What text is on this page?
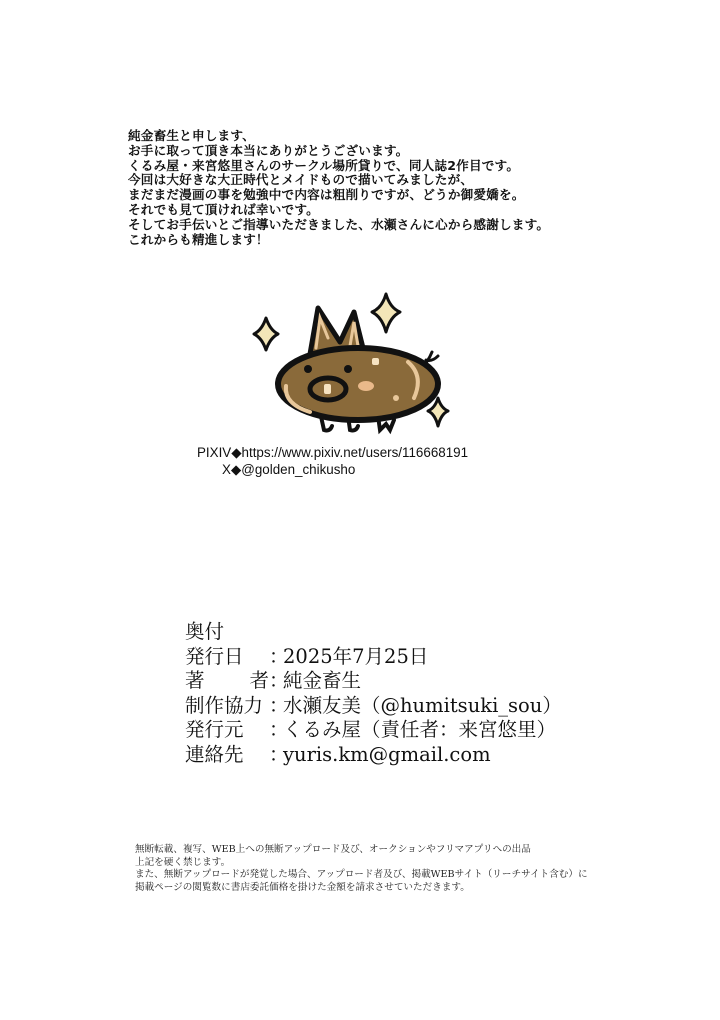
純金畜生と申します、
お手に取って頂き本当にありがとうございます。
くるみ屋・来宮悠里さんのサークル場所貸りで、同人誌2作目です。
今回は大好きな大正時代とメイドもので描いてみましたが、
まだまだ漫画の事を勉強中で内容は粗削りですが、どうか御愛嬌を。
それでも見て頂ければ幸いです。
そしてお手伝いとご指導いただきました、水瀬さんに心から感謝します。
これからも精進します！
PIXIV◆https://www.pixiv.net/users/116668191
X◆@golden_chikusho
奥付
発行日	：
2025年7月25日
著 者 ：
純金畜生
制作協力 ：
水瀬友美（@humitsuki_sou）
発行元	：
くるみ屋（責任者：来宮悠里）
連絡先	：
yuris.km@gmail.com
無断転載、複写、WEB上への無断アップロード及び、オークションやフリマアプリへの出品
上記を硬く禁じます。
また、無断アップロードが発覚した場合、アップロード者及び、掲載WEBサイト（リーチサイト含む）に
掲載ページの閲覧数に書店委託価格を掛けた金額を請求させていただきます。
